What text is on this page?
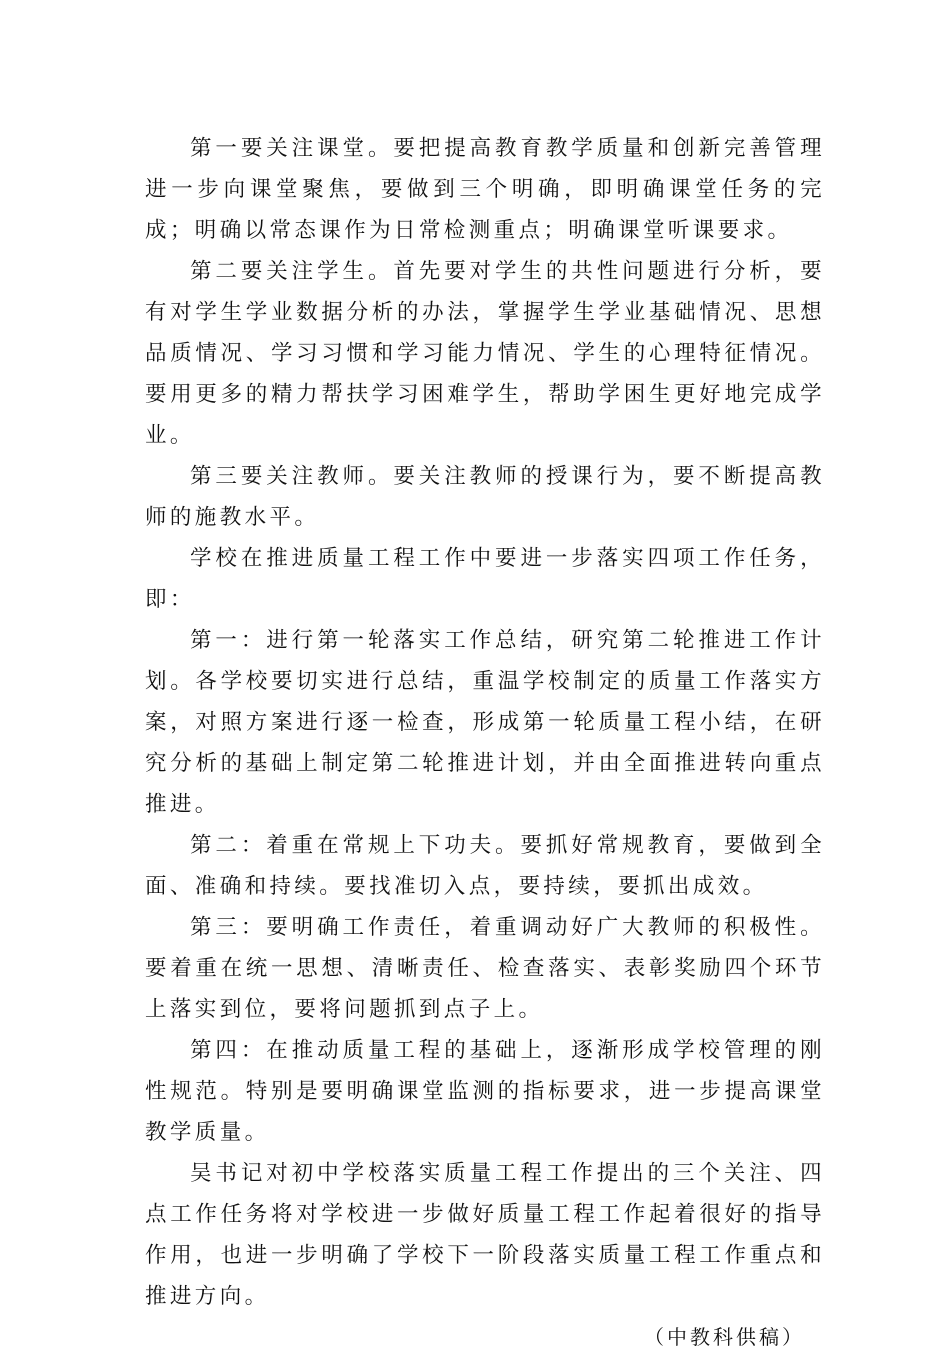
第一要关注课堂。要把提高教育教学质量和创新完善管理进一步向课堂聚焦，要做到三个明确，即明确课堂任务的完成；明确以常态课作为日常检测重点；明确课堂听课要求。

第二要关注学生。首先要对学生的共性问题进行分析，要有对学生学业数据分析的办法，掌握学生学业基础情况、思想品质情况、学习习惯和学习能力情况、学生的心理特征情况。要用更多的精力帮扶学习困难学生，帮助学困生更好地完成学业。

第三要关注教师。要关注教师的授课行为，要不断提高教师的施教水平。

学校在推进质量工程工作中要进一步落实四项工作任务，即：

第一：进行第一轮落实工作总结，研究第二轮推进工作计划。各学校要切实进行总结，重温学校制定的质量工作落实方案，对照方案进行逐一检查，形成第一轮质量工程小结，在研究分析的基础上制定第二轮推进计划，并由全面推进转向重点推进。

第二：着重在常规上下功夫。要抓好常规教育，要做到全面、准确和持续。要找准切入点，要持续，要抓出成效。

第三：要明确工作责任，着重调动好广大教师的积极性。要着重在统一思想、清晰责任、检查落实、表彰奖励四个环节上落实到位，要将问题抓到点子上。

第四：在推动质量工程的基础上，逐渐形成学校管理的刚性规范。特别是要明确课堂监测的指标要求，进一步提高课堂教学质量。

吴书记对初中学校落实质量工程工作提出的三个关注、四点工作任务将对学校进一步做好质量工程工作起着很好的指导作用，也进一步明确了学校下一阶段落实质量工程工作重点和推进方向。

（中教科供稿）
